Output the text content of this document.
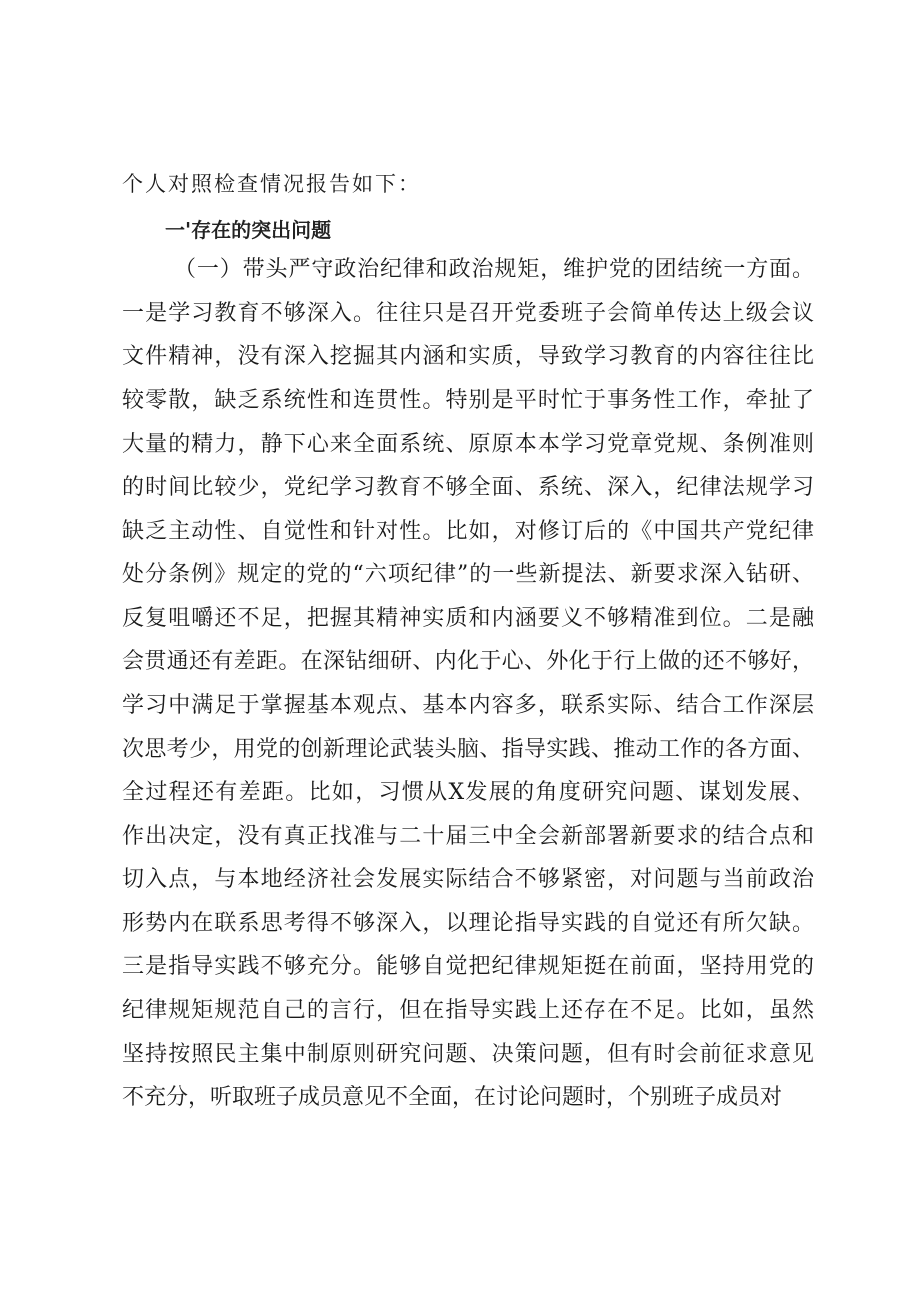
个人对照检查情况报告如下：
一'存在的突出问题
（一）带头严守政治纪律和政治规矩，维护党的团结统一方面。
一是学习教育不够深入。往往只是召开党委班子会简单传达上级会议
文件精神，没有深入挖掘其内涵和实质，导致学习教育的内容往往比
较零散，缺乏系统性和连贯性。特别是平时忙于事务性工作，牵扯了
大量的精力，静下心来全面系统、原原本本学习党章党规、条例准则
的时间比较少，党纪学习教育不够全面、系统、深入，纪律法规学习
缺乏主动性、自觉性和针对性。比如，对修订后的《中国共产党纪律
处分条例》规定的党的“六项纪律”的一些新提法、新要求深入钻研、
反复咀嚼还不足，把握其精神实质和内涵要义不够精准到位。二是融
会贯通还有差距。在深钻细研、内化于心、外化于行上做的还不够好，
学习中满足于掌握基本观点、基本内容多，联系实际、结合工作深层
次思考少，用党的创新理论武装头脑、指导实践、推动工作的各方面、
全过程还有差距。比如，习惯从X发展的角度研究问题、谋划发展、
作出决定，没有真正找准与二十届三中全会新部署新要求的结合点和
切入点，与本地经济社会发展实际结合不够紧密，对问题与当前政治
形势内在联系思考得不够深入，以理论指导实践的自觉还有所欠缺。
三是指导实践不够充分。能够自觉把纪律规矩挺在前面，坚持用党的
纪律规矩规范自己的言行，但在指导实践上还存在不足。比如，虽然
坚持按照民主集中制原则研究问题、决策问题，但有时会前征求意见
不充分，听取班子成员意见不全面，在讨论问题时，个别班子成员对
